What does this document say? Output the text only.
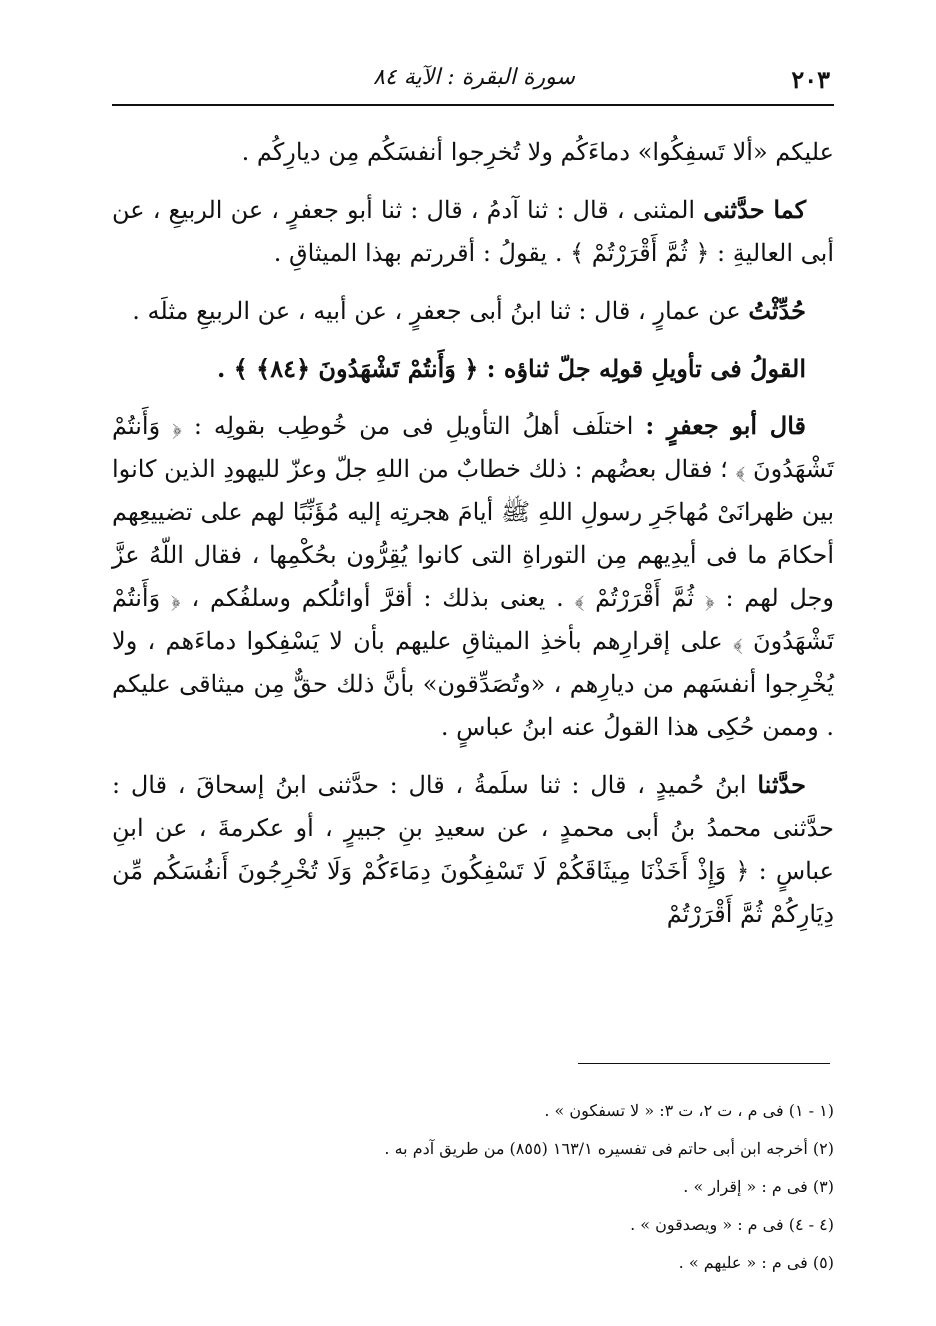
سورة البقرة : الآية ٨٤	٢٠٣

عليكم «ألا تَسفِكُوا» دماءَكُم ولا تُخرِجوا أنفسَكُم مِن ديارِكُم .

كما حدَّثنى المثنى ، قال : ثنا آدمُ ، قال : ثنا أبو جعفرٍ ، عن الربيعِ ، عن أبى العاليةِ : ﴿ ثُمَّ أَقْرَرْتُمْ ﴾ . يقولُ : أقررتم بهذا الميثاقِ .

حُدِّثْتُ عن عمارٍ ، قال : ثنا ابنُ أبى جعفرٍ ، عن أبيه ، عن الربيعِ مثلَه .

القولُ فى تأويلِ قولِه جلّ ثناؤه : ﴿ وَأَنتُمْ تَشْهَدُونَ ﴿٨٤﴾ ﴾ .

قال أبو جعفرٍ : اختلَف أهلُ التأويلِ فى من خُوطِب بقولِه : ﴿ وَأَنتُمْ تَشْهَدُونَ ﴾ ؛ فقال بعضُهم : ذلك خطابٌ من اللهِ جلّ وعزّ لليهودِ الذين كانوا بين ظهرانَىْ مُهاجَرِ رسولِ اللهِ ﷺ أيامَ هجرتِه إليه مُؤَنِّبًا لهم على تضييعِهم أحكامَ ما فى أيدِيهم مِن التوراةِ التى كانوا يُقِرُّون بحُكْمِها ، فقال اللّهُ عزَّ وجل لهم : ﴿ ثُمَّ أَقْرَرْتُمْ ﴾ . يعنى بذلك : أقرَّ أوائلُكم وسلفُكم ، ﴿ وَأَنتُمْ تَشْهَدُونَ ﴾ على إقرارِهم بأخذِ الميثاقِ عليهم بأن لا يَسْفِكوا دماءَهم ، ولا يُخْرِجوا أنفسَهم من ديارِهم ، «وتُصَدِّقون» بأنَّ ذلك حقٌّ مِن ميثاقى عليكم . وممن حُكِى هذا القولُ عنه ابنُ عباسٍ .

حدَّثنا ابنُ حُميدٍ ، قال : ثنا سلَمةُ ، قال : حدَّثنى ابنُ إسحاقَ ، قال : حدَّثنى محمدُ بنُ أبى محمدٍ ، عن سعيدِ بنِ جبيرٍ ، أو عكرمةَ ، عن ابنِ عباسٍ : ﴿ وَإِذْ أَخَذْنَا مِيثَاقَكُمْ لَا تَسْفِكُونَ دِمَاءَكُمْ وَلَا تُخْرِجُونَ أَنفُسَكُم مِّن دِيَارِكُمْ ثُمَّ أَقْرَرْتُمْ

(١ - ١) فى م ، ت ٢، ت ٣: « لا تسفكون » .
(٢) أخرجه ابن أبى حاتم فى تفسيره ١٦٣/١ (٨٥٥) من طريق آدم به .
(٣) فى م : « إقرار » .
(٤ - ٤) فى م : « ويصدقون » .
(٥) فى م : « عليهم » .
